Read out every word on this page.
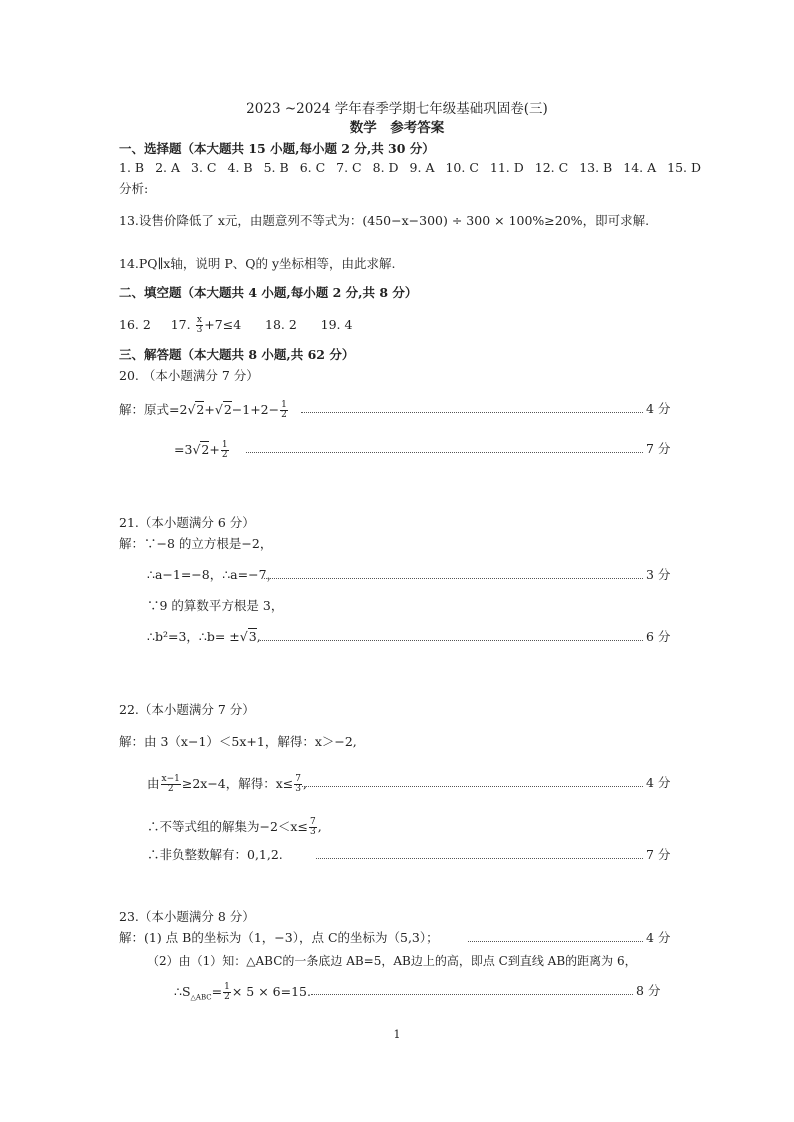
2023 ~2024 学年春季学期七年级基础巩固卷(三)
数学　参考答案
一、选择题（本大题共 15 小题,每小题 2 分,共 30 分）
1. B 2. A 3. C 4. B 5. B 6. C 7. C 8. D 9. A 10. C 11. D 12. C 13. B 14. A 15. D
分析:
13.设售价降低了 x元，由题意列不等式为：(450−x−300) ÷ 300 × 100%≥20%，即可求解.
14.PQ∥x轴，说明 P、Q的 y坐标相等，由此求解.
二、填空题（本大题共 4 小题,每小题 2 分,共 8 分）
16. 2 17. $\frac{x}{3} +7\le 4$ 18. 2 19. 4
三、解答题（本大题共 8 小题,共 62 分）
20. （本小题满分 7 分）
解：原式$=2√2+√2-1+2- \frac{1}{2}$	4 分
$=3√2+ \frac{1}{2}$	7 分
21.（本小题满分 6 分）
解：∵−8 的立方根是−2，
∴a−1=−8，∴a=−7，	3 分
∵9 的算数平方根是 3，
∴b²=3，∴b= ±√3,	6 分
22.（本小题满分 7 分）
解：由 3（x−1）＜5x+1，解得：x＞−2,
由 $\frac{x-1}{2} \ge 2x-4$，解得：$x\le \frac{7}{3}$ ,	4 分
∴不等式组的解集为$-2<x\le \frac{7}{3}$ ,
∴非负整数解有：0,1,2.	7 分
23.（本小题满分 8 分）
解：(1) 点 B的坐标为（1，−3），点 C的坐标为（5,3）；	4 分
（2）由（1）知：△ABC的一条底边 AB=5，AB边上的高，即点 C到直线 AB的距离为 6，
$\therefore S_{\triangle ABC}= \frac{1}{2} \times 5 \times 6=15$.	8 分
1
